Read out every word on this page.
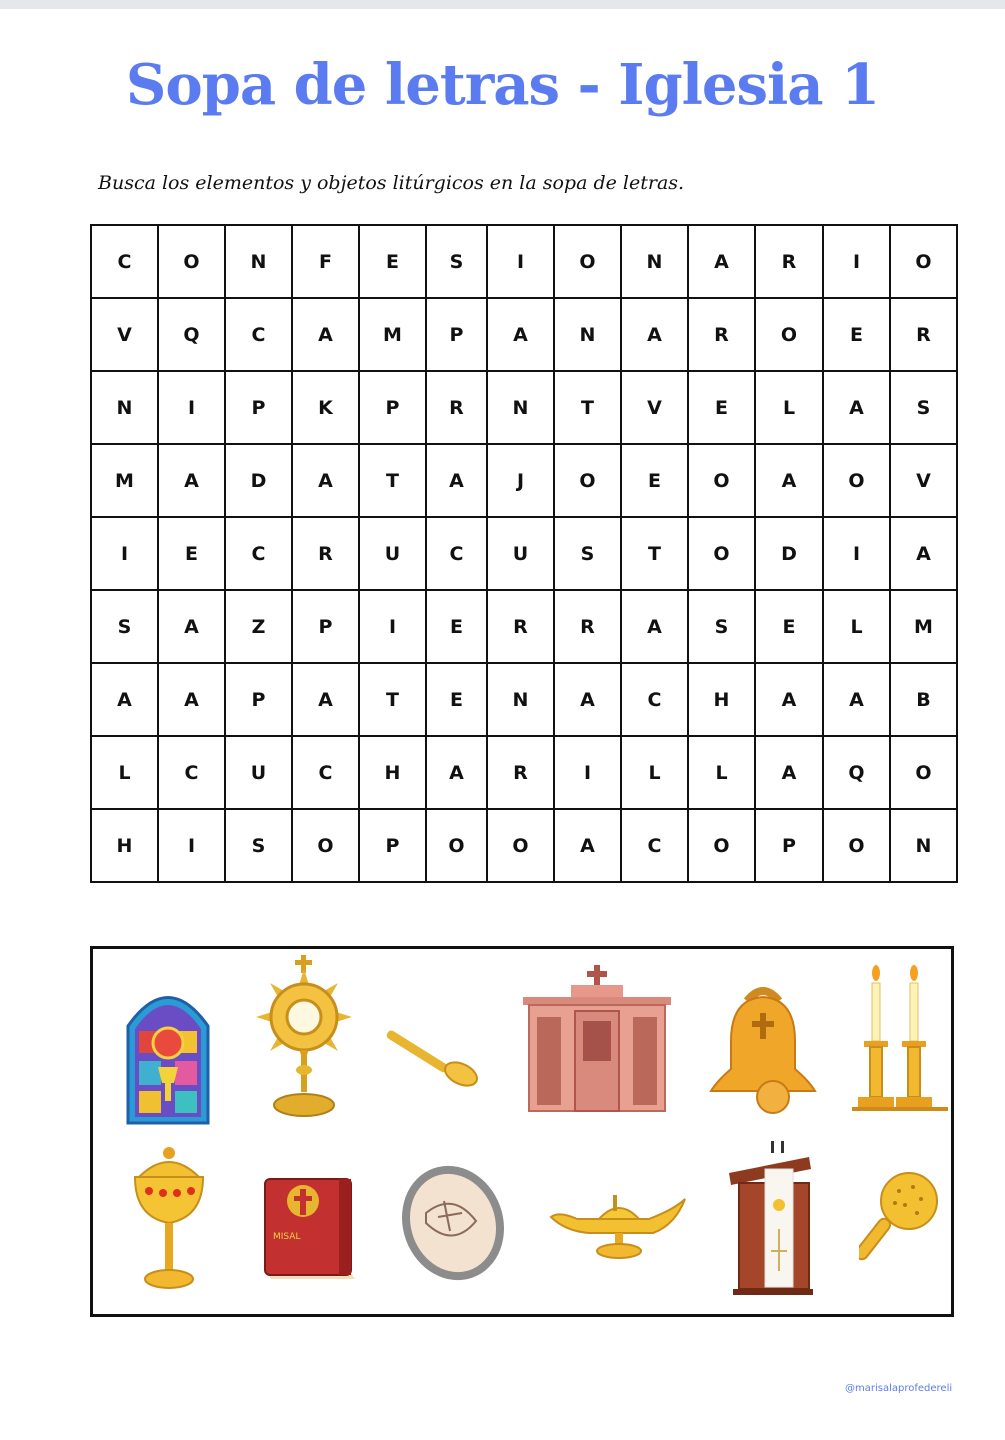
Sopa de letras - Iglesia 1
Busca los elementos y objetos litúrgicos en la sopa de letras.
C	O	N	F	E	S	I	O	N	A	R	I	O
V	Q	C	A	M	P	A	N	A	R	O	E	R
N	I	P	K	P	R	N	T	V	E	L	A	S
M	A	D	A	T	A	J	O	E	O	A	O	V
I	E	C	R	U	C	U	S	T	O	D	I	A
S	A	Z	P	I	E	R	R	A	S	E	L	M
A	A	P	A	T	E	N	A	C	H	A	A	B
L	C	U	C	H	A	R	I	L	L	A	Q	O
H	I	S	O	P	O	O	A	C	O	P	O	N
MISAL
@marisalaprofedereli
